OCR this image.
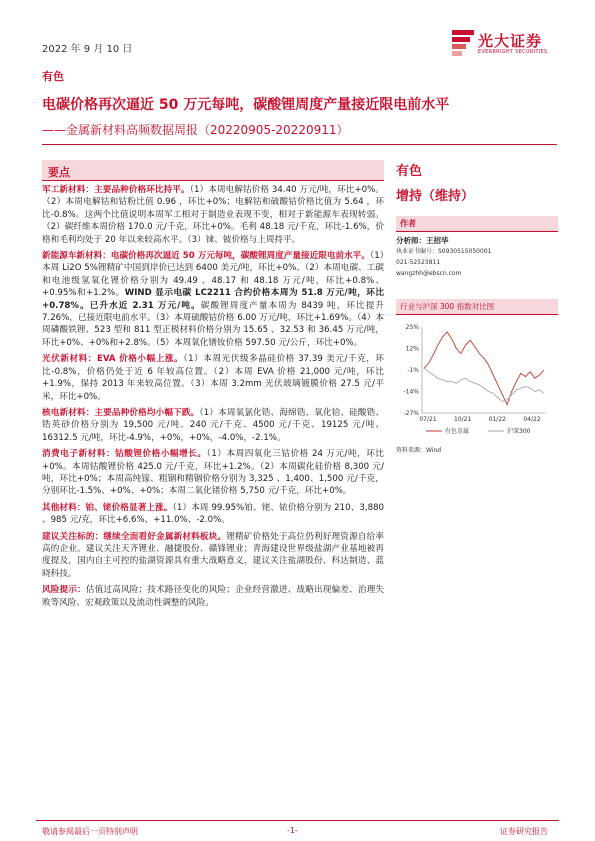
2022 年 9 月 10 日	光大证券
EVERBRIGHT SECURITIES
有色
电碳价格再次逼近 50 万元每吨，碳酸锂周度产量接近限电前水平
——金属新材料高频数据周报（20220905-20220911）
要点

军工新材料：主要品种价格环比持平。（1）本周电解钴价格 34.40 万元/吨，环比+0%。（2）本周电解钴和钴粉比值 0.96 ，环比+0%；电解钴和硫酸钴价格比值为 5.64 ，环比-0.8%。这两个比值说明本周军工相对于制造业表现不变，相对于新能源车表现转弱。（2）碳纤维本周价格 170.0 元/千克，环比+0%。毛利 48.18 元/千克，环比-1.6%，价格和毛利均处于 20 年以来较高水平。（3）铼、铍价格与上周持平。

新能源车新材料：电碳价格再次逼近 50 万元每吨，碳酸锂周度产量接近限电前水平。（1）本周 Li2O 5%锂精矿中国到岸价已达到 6400 美元/吨，环比+0%。（2）本周电碳、工碳和电池级氢氧化锂价格分别为 49.49 、48.17 和 48.18 万元/吨，环比+0.8%、+0.95%和+1.2%。WIND 显示电碳 LC2211 合约价格本周为 51.8 万元/吨，环比+0.78%。已升水近 2.31 万元/吨。碳酸锂周度产量本周为 8439 吨，环比提升 7.26%，已接近限电前水平。（3）本周硫酸钴价格 6.00 万元/吨，环比+1.69%。（4）本周磷酸铁锂、523 型和 811 型正极材料价格分别为 15.65 、32.53 和 36.45 万元/吨，环比+0%、+0%和+2.8%。（5）本周氧化镨钕价格 597.50 元/公斤，环比+0%。

光伏新材料：EVA 价格小幅上涨。（1）本周光伏级多晶硅价格 37.39 美元/千克，环比-0.8%，价格仍处于近 6 年较高位置。（2）本周 EVA 价格 21,000 元/吨，环比+1.9%，保持 2013 年来较高位置。（3）本周 3.2mm 光伏玻璃镀膜价格 27.5 元/平米，环比+0%。

核电新材料：主要品种价格均小幅下跌。（1）本周氧氯化锆、海绵锆、氧化铪、硅酸锆、锆英砂价格分别为 19,500 元/吨、240 元/千克、4500 元/千克、19125 元/吨、16312.5 元/吨，环比-4.9%，+0%，+0%，-4.0%，-2.1%。

消费电子新材料：钴酸锂价格小幅增长。（1）本周四氧化三钴价格 24 万元/吨，环比+0%。本周钴酸锂价格 425.0 元/千克，环比+1.2%。（2）本周碳化硅价格 8,300 元/吨，环比+0%；本周高纯镓、粗锢和精锢价格分别为 3,325 、1,400、1,500 元/千克，分别环比-1.5%、+0%、+0%；本周二氧化锗价格 5,750 元/千克，环比+0%。

其他材料：铂、铑价格显著上涨。（1）本周 99.95%铂、铑、铱价格分别为 210、3,880 、985 元/克，环比+6.6%、+11.0%、-2.0%。

建议关注标的：继续全面看好金属新材料板块。锂精矿价格处于高位仍利好理资源自给率高的企业。建议关注天齐锂业、融捷股份、赣锋锂业；青海建设世界级盐湖产业基地被再度提及，国内自主可控的盐湖资源具有重大战略意义，建议关注盐湖股份、科达制造、蓝晓科技。

风险提示：估值过高风险；技术路径变化的风险；企业经营激进、战略出现偏差、治理失败等风险、宏观政策以及流动性调整的风险。

有色
增持（维持）
作者
分析师：王招华
执业证书编号：S0930515050001
021-52523811
wangzhh@ebscn.com
行业与沪深 300 指数对比图
25%
12%
-1%
-14%
-27%
07/21	10/21	01/22	04/22
有色金属	沪深300
资料来源：Wind
敬请参阅最后一页特别声明	-1-	证券研究报告
